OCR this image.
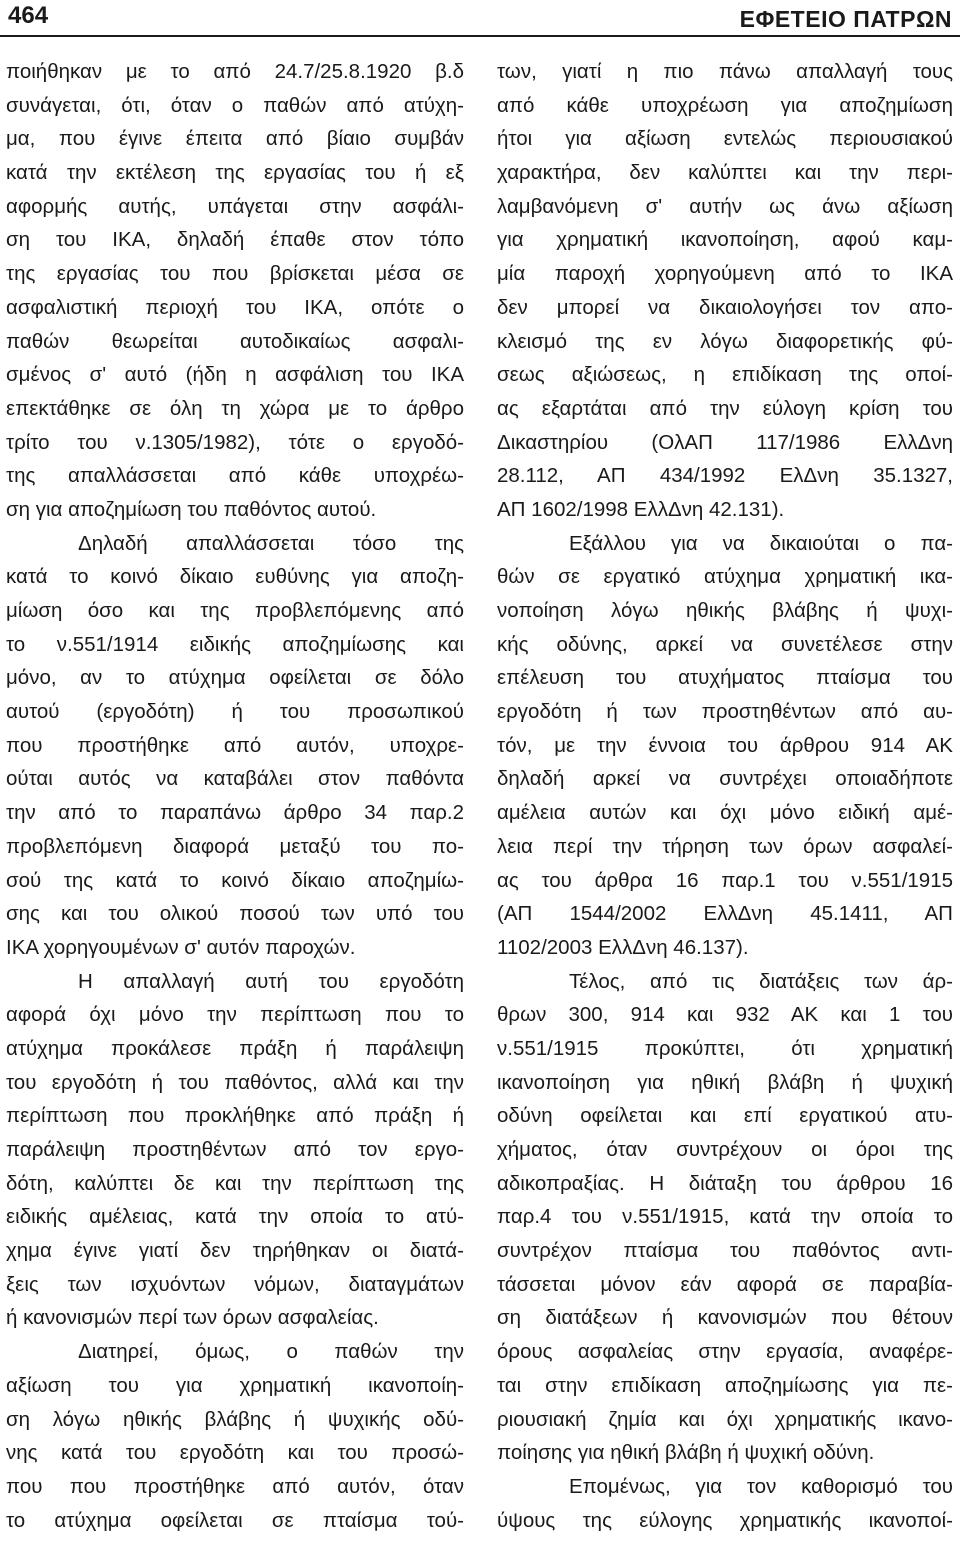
464	ΕΦΕΤΕΙΟ ΠΑΤΡΩΝ
ποιήθηκαν με το από 24.7/25.8.1920 β.δ
συνάγεται, ότι, όταν ο παθών από ατύχη-
μα, που έγινε έπειτα από βίαιο συμβάν
κατά την εκτέλεση της εργασίας του ή εξ
αφορμής αυτής, υπάγεται στην ασφάλι-
ση του ΙΚΑ, δηλαδή έπαθε στον τόπο
της εργασίας του που βρίσκεται μέσα σε
ασφαλιστική περιοχή του ΙΚΑ, οπότε ο
παθών θεωρείται αυτοδικαίως ασφαλι-
σμένος σ' αυτό (ήδη η ασφάλιση του ΙΚΑ
επεκτάθηκε σε όλη τη χώρα με το άρθρο
τρίτο του ν.1305/1982), τότε ο εργοδό-
της απαλλάσσεται από κάθε υποχρέω-
ση για αποζημίωση του παθόντος αυτού.
Δηλαδή απαλλάσσεται τόσο της
κατά το κοινό δίκαιο ευθύνης για αποζη-
μίωση όσο και της προβλεπόμενης από
το ν.551/1914 ειδικής αποζημίωσης και
μόνο, αν το ατύχημα οφείλεται σε δόλο
αυτού (εργοδότη) ή του προσωπικού
που προστήθηκε από αυτόν, υποχρε-
ούται αυτός να καταβάλει στον παθόντα
την από το παραπάνω άρθρο 34 παρ.2
προβλεπόμενη διαφορά μεταξύ του πο-
σού της κατά το κοινό δίκαιο αποζημίω-
σης και του ολικού ποσού των υπό του
ΙΚΑ χορηγουμένων σ' αυτόν παροχών.
Η απαλλαγή αυτή του εργοδότη
αφορά όχι μόνο την περίπτωση που το
ατύχημα προκάλεσε πράξη ή παράλειψη
του εργοδότη ή του παθόντος, αλλά και την
περίπτωση που προκλήθηκε από πράξη ή
παράλειψη προστηθέντων από τον εργο-
δότη, καλύπτει δε και την περίπτωση της
ειδικής αμέλειας, κατά την οποία το ατύ-
χημα έγινε γιατί δεν τηρήθηκαν οι διατά-
ξεις των ισχυόντων νόμων, διαταγμάτων
ή κανονισμών περί των όρων ασφαλείας.
Διατηρεί, όμως, ο παθών την
αξίωση του για χρηματική ικανοποίη-
ση λόγω ηθικής βλάβης ή ψυχικής οδύ-
νης κατά του εργοδότη και του προσώ-
που που προστήθηκε από αυτόν, όταν
το ατύχημα οφείλεται σε πταίσμα τού-
των, γιατί η πιο πάνω απαλλαγή τους
από κάθε υποχρέωση για αποζημίωση
ήτοι για αξίωση εντελώς περιουσιακού
χαρακτήρα, δεν καλύπτει και την περι-
λαμβανόμενη σ' αυτήν ως άνω αξίωση
για χρηματική ικανοποίηση, αφού καμ-
μία παροχή χορηγούμενη από το ΙΚΑ
δεν μπορεί να δικαιολογήσει τον απο-
κλεισμό της εν λόγω διαφορετικής φύ-
σεως αξιώσεως, η επιδίκαση της οποί-
ας εξαρτάται από την εύλογη κρίση του
Δικαστηρίου (ΟλΑΠ 117/1986 ΕλλΔνη
28.112, ΑΠ 434/1992 ΕλΔνη 35.1327,
ΑΠ 1602/1998 ΕλλΔνη 42.131).
Εξάλλου για να δικαιούται ο πα-
θών σε εργατικό ατύχημα χρηματική ικα-
νοποίηση λόγω ηθικής βλάβης ή ψυχι-
κής οδύνης, αρκεί να συνετέλεσε στην
επέλευση του ατυχήματος πταίσμα του
εργοδότη ή των προστηθέντων από αυ-
τόν, με την έννοια του άρθρου 914 ΑΚ
δηλαδή αρκεί να συντρέχει οποιαδήποτε
αμέλεια αυτών και όχι μόνο ειδική αμέ-
λεια περί την τήρηση των όρων ασφαλεί-
ας του άρθρα 16 παρ.1 του ν.551/1915
(ΑΠ 1544/2002 ΕλλΔνη 45.1411, ΑΠ
1102/2003 ΕλλΔνη 46.137).
Τέλος, από τις διατάξεις των άρ-
θρων 300, 914 και 932 ΑΚ και 1 του
ν.551/1915 προκύπτει, ότι χρηματική
ικανοποίηση για ηθική βλάβη ή ψυχική
οδύνη οφείλεται και επί εργατικού ατυ-
χήματος, όταν συντρέχουν οι όροι της
αδικοπραξίας. Η διάταξη του άρθρου 16
παρ.4 του ν.551/1915, κατά την οποία το
συντρέχον πταίσμα του παθόντος αντι-
τάσσεται μόνον εάν αφορά σε παραβία-
ση διατάξεων ή κανονισμών που θέτουν
όρους ασφαλείας στην εργασία, αναφέρε-
ται στην επιδίκαση αποζημίωσης για πε-
ριουσιακή ζημία και όχι χρηματικής ικανο-
ποίησης για ηθική βλάβη ή ψυχική οδύνη.
Επομένως, για τον καθορισμό του
ύψους της εύλογης χρηματικής ικανοποί-
